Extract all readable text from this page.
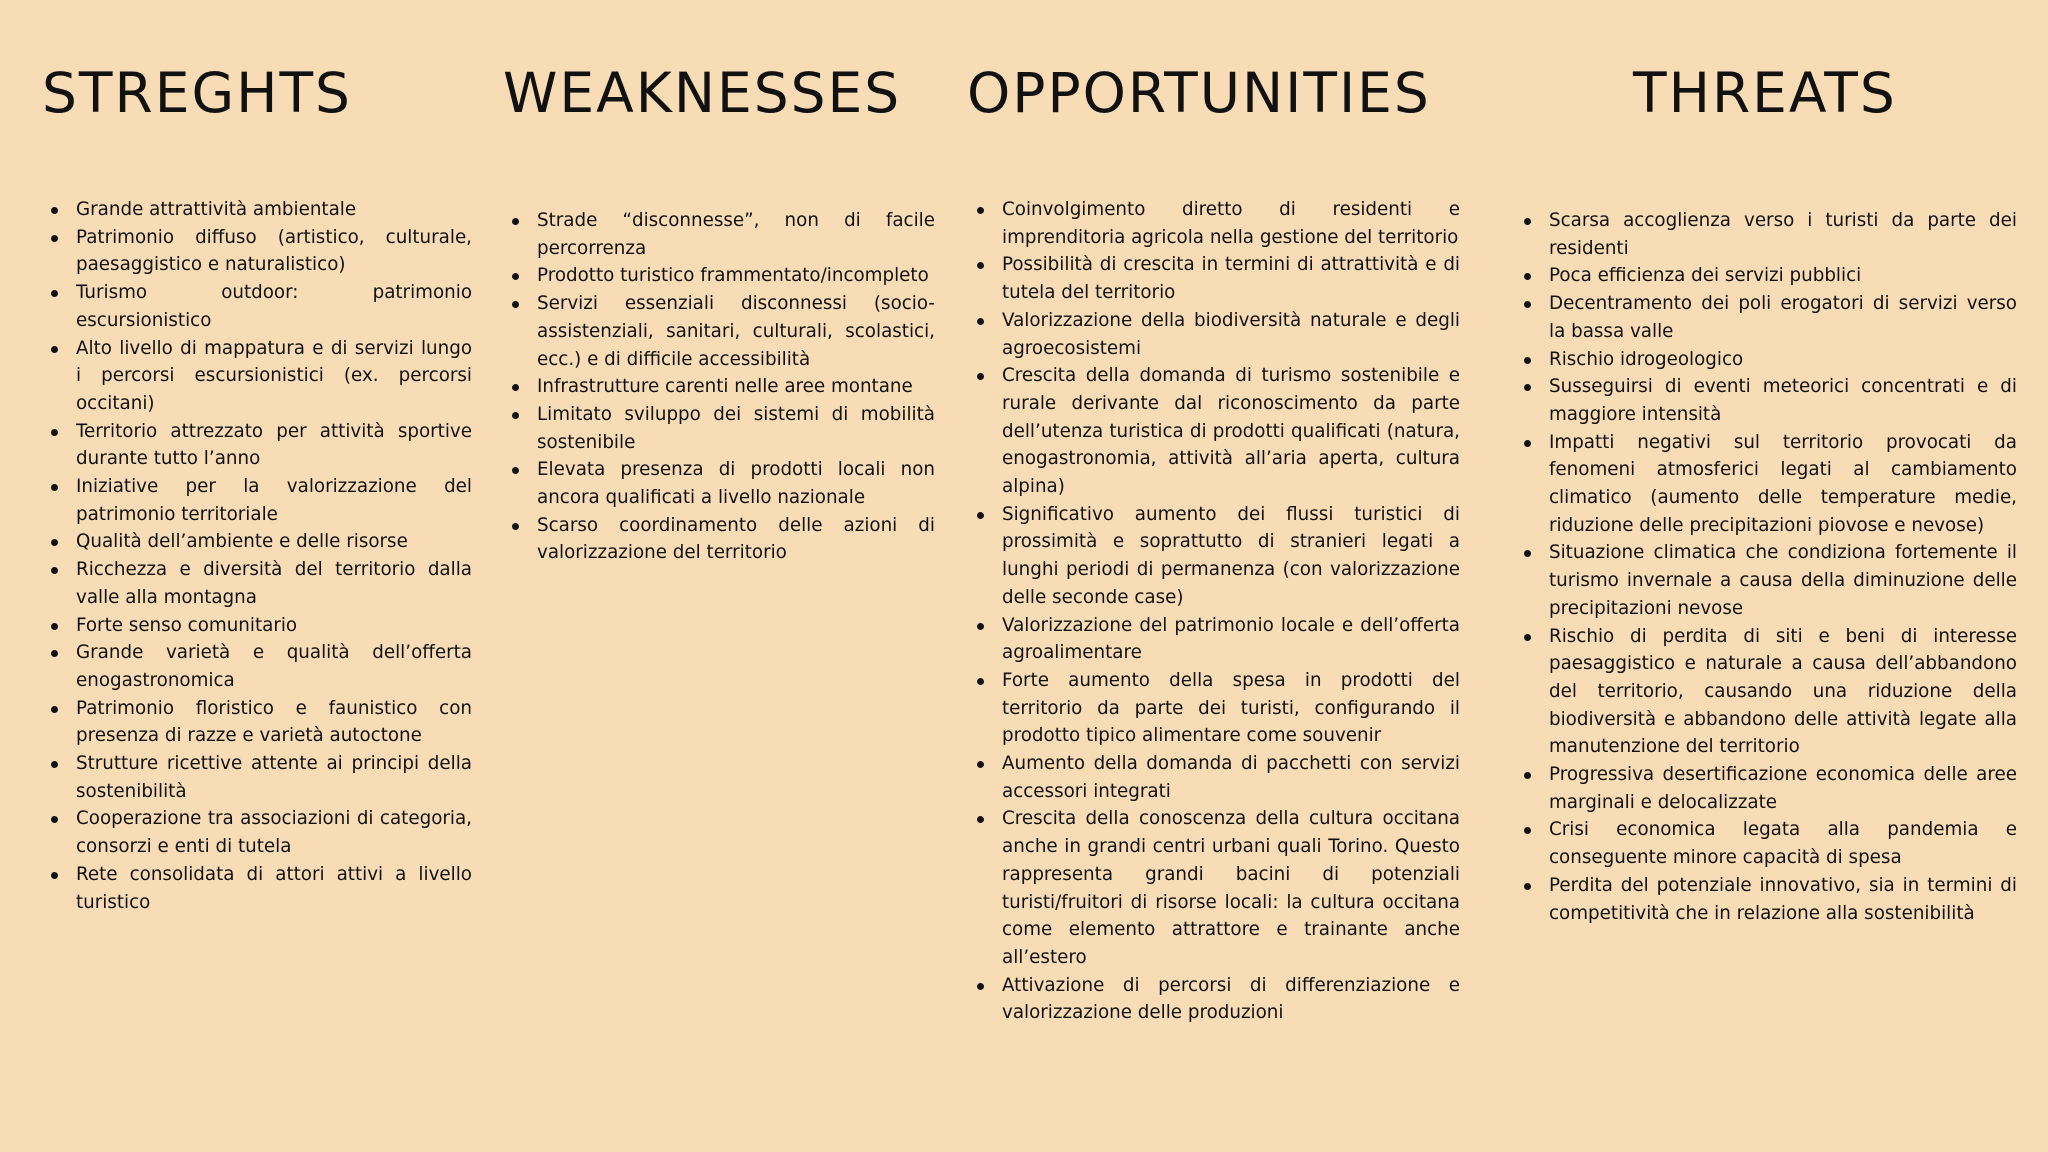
STREGHTS	WEAKNESSES OPPORTUNITIES	THREATS
Grande attrattività ambientale
Patrimonio diffuso (artistico, culturale, paesaggistico e naturalistico)
Turismo outdoor: patrimonio escursionistico
Alto livello di mappatura e di servizi lungo i percorsi escursionistici (ex. percorsi occitani)
Territorio attrezzato per attività sportive durante tutto l’anno
Iniziative per la valorizzazione del patrimonio territoriale
Qualità dell’ambiente e delle risorse
Ricchezza e diversità del territorio dalla valle alla montagna
Forte senso comunitario
Grande varietà e qualità dell’offerta enogastronomica
Patrimonio floristico e faunistico con presenza di razze e varietà autoctone
Strutture ricettive attente ai principi della sostenibilità
Cooperazione tra associazioni di categoria, consorzi e enti di tutela
Rete consolidata di attori attivi a livello turistico
Strade “disconnesse”, non di facile percorrenza
Prodotto turistico frammentato/incompleto
Servizi essenziali disconnessi (socio-assistenziali, sanitari, culturali, scolastici, ecc.) e di difficile accessibilità
Infrastrutture carenti nelle aree montane
Limitato sviluppo dei sistemi di mobilità sostenibile
Elevata presenza di prodotti locali non ancora qualificati a livello nazionale
Scarso coordinamento delle azioni di valorizzazione del territorio
Coinvolgimento diretto di residenti e imprenditoria agricola nella gestione del territorio
Possibilità di crescita in termini di attrattività e di tutela del territorio
Valorizzazione della biodiversità naturale e degli agroecosistemi
Crescita della domanda di turismo sostenibile e rurale derivante dal riconoscimento da parte dell’utenza turistica di prodotti qualificati (natura, enogastronomia, attività all’aria aperta, cultura alpina)
Significativo aumento dei flussi turistici di prossimità e soprattutto di stranieri legati a lunghi periodi di permanenza (con valorizzazione delle seconde case)
Valorizzazione del patrimonio locale e dell’offerta agroalimentare
Forte aumento della spesa in prodotti del territorio da parte dei turisti, configurando il prodotto tipico alimentare come souvenir
Aumento della domanda di pacchetti con servizi accessori integrati
Crescita della conoscenza della cultura occitana anche in grandi centri urbani quali Torino. Questo rappresenta grandi bacini di potenziali turisti/fruitori di risorse locali: la cultura occitana come elemento attrattore e trainante anche all’estero
Attivazione di percorsi di differenziazione e valorizzazione delle produzioni
Scarsa accoglienza verso i turisti da parte dei residenti
Poca efficienza dei servizi pubblici
Decentramento dei poli erogatori di servizi verso la bassa valle
Rischio idrogeologico
Susseguirsi di eventi meteorici concentrati e di maggiore intensità
Impatti negativi sul territorio provocati da fenomeni atmosferici legati al cambiamento climatico (aumento delle temperature medie, riduzione delle precipitazioni piovose e nevose)
Situazione climatica che condiziona fortemente il turismo invernale a causa della diminuzione delle precipitazioni nevose
Rischio di perdita di siti e beni di interesse paesaggistico e naturale a causa dell’abbandono del territorio, causando una riduzione della biodiversità e abbandono delle attività legate alla manutenzione del territorio
Progressiva desertificazione economica delle aree marginali e delocalizzate
Crisi economica legata alla pandemia e conseguente minore capacità di spesa
Perdita del potenziale innovativo, sia in termini di competitività che in relazione alla sostenibilità
